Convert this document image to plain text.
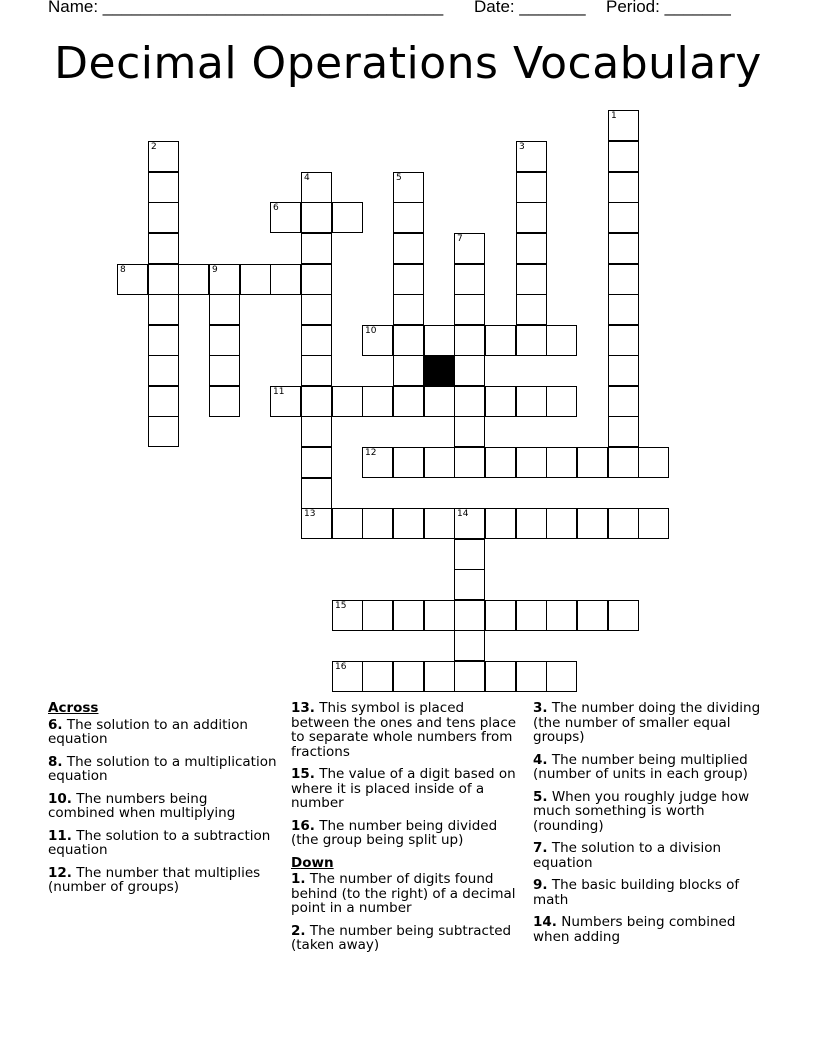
Name: ____________________________________ Date: _______ Period: _______
Decimal Operations Vocabulary
1
2	3
4	5
6
7
8	9
10
11
12
13	14
15
16
Across
6. The solution to an addition equation
8. The solution to a multiplication equation
10. The numbers being combined when multiplying
11. The solution to a subtraction equation
12. The number that multiplies (number of groups)
13. This symbol is placed between the ones and tens place to separate whole numbers from fractions
15. The value of a digit based on where it is placed inside of a number
16. The number being divided (the group being split up)
Down
1. The number of digits found behind (to the right) of a decimal point in a number
2. The number being subtracted (taken away)
3. The number doing the dividing (the number of smaller equal groups)
4. The number being multiplied (number of units in each group)
5. When you roughly judge how much something is worth (rounding)
7. The solution to a division equation
9. The basic building blocks of math
14. Numbers being combined when adding
